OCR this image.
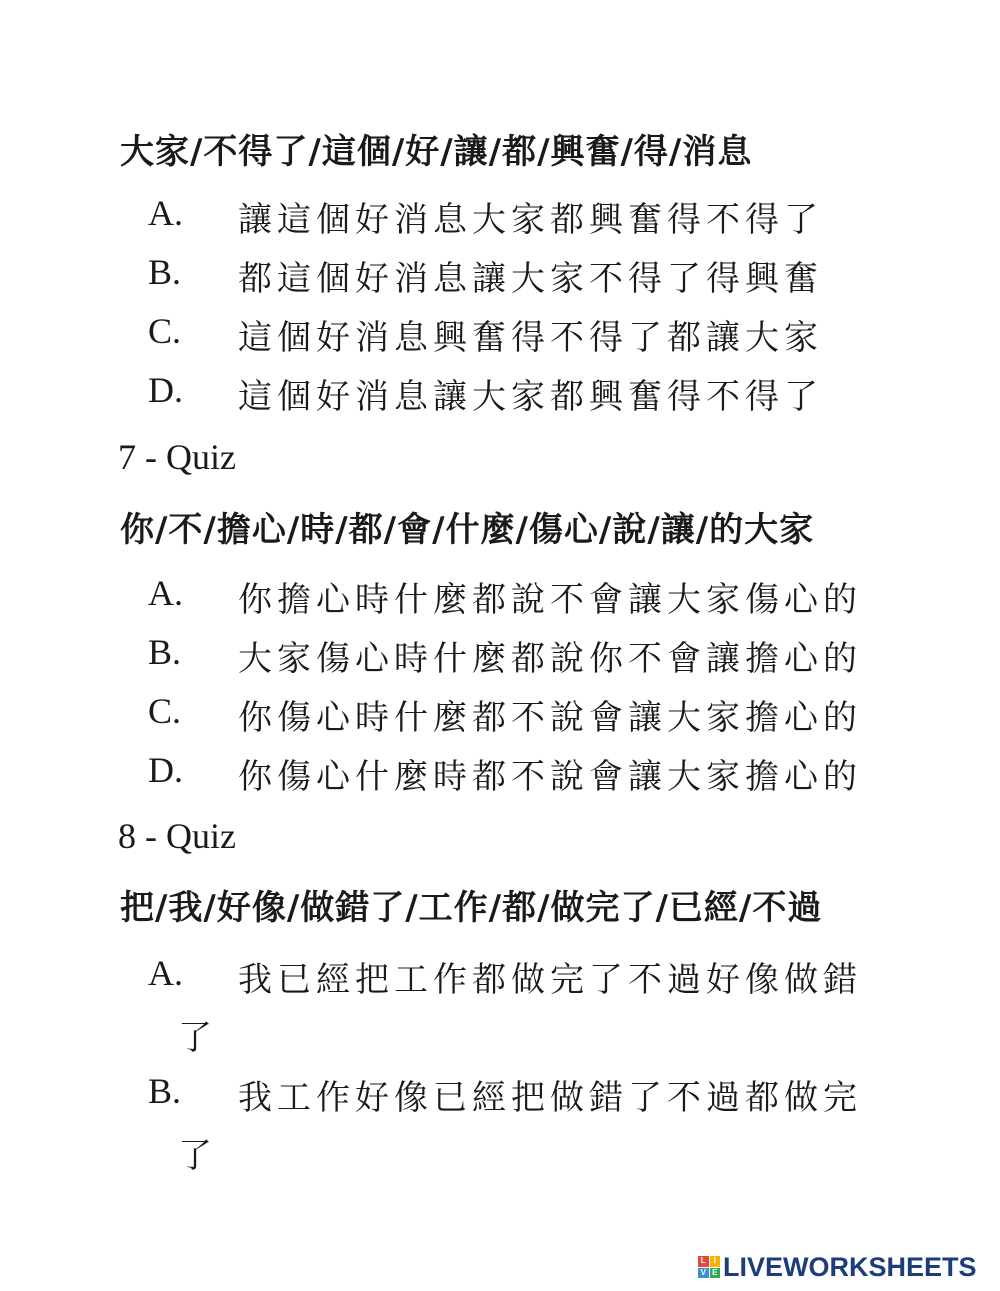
大家/不得了/這個/好/讓/都/興奮/得/消息
A. 讓這個好消息大家都興奮得不得了
B. 都這個好消息讓大家不得了得興奮
C. 這個好消息興奮得不得了都讓大家
D. 這個好消息讓大家都興奮得不得了
7 - Quiz
你/不/擔心/時/都/會/什麼/傷心/說/讓/的大家
A. 你擔心時什麼都說不會讓大家傷心的
B. 大家傷心時什麼都說你不會讓擔心的
C. 你傷心時什麼都不說會讓大家擔心的
D. 你傷心什麼時都不說會讓大家擔心的
8 - Quiz
把/我/好像/做錯了/工作/都/做完了/已經/不過
A. 我已經把工作都做完了不過好像做錯
了
B. 我工作好像已經把做錯了不過都做完
了
L I
V E LIVEWORKSHEETS
